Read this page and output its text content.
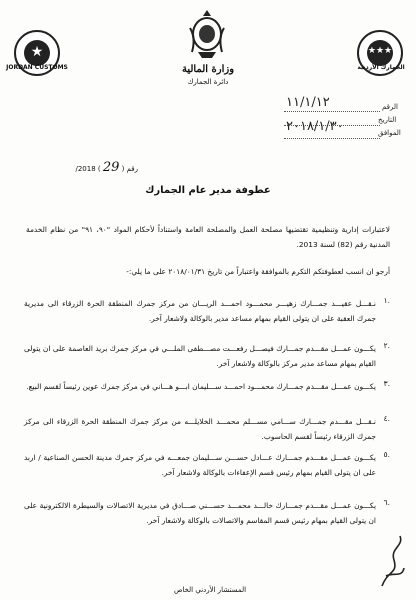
★
JORDAN CUSTOMS
★★★
الجمارك الأردنية
وزارة المالية
دائرة الجمارك
الرقم
١١/١/١٢
التاريخ
الموافق
٢٠١٨/١/٣٠
رقم ( 29 ) 2018/
عطوفة مدير عام الجمارك
لاعتبارات إدارية وتنظيمية تقتضيها مصلحة العمل والمصلحة العامة واستناداً لأحكام المواد "٩٠، ٩١" من نظام الخدمة المدنية رقم (82) لسنة 2013.
أرجو ان انسب لعطوفتكم التكرم بالموافقة واعتباراً من تاريخ ٢٠١٨/٠١/٣١ على ما يلي:-
١.
نـقـــل عقيـــد جمـــارك زهيـــر محمـــود احمـــد الريـــان من مركز جمرك المنطقة الحرة الزرقاء الى مديرية جمرك العقبة على ان يتولى القيام بمهام مساعد مدير بالوكالة ولاشعار آخر.
٢.
يكـــون عمـــل مقـــدم جمـــارك فيصـــل رفعـــت مصـــطفى الملـــي في مركز جمرك بريد العاصمة على ان يتولى القيام بمهام مساعد مدير مركز بالوكالة ولاشعار آخر.
٣.
يكـــون عمـــل مقـــدم جمـــارك محمـــود احمـــد ســـليمان ابـــو هـــاني في مركز جمرك عوين رئيساً لقسم البيع.
٤.
نـقـــل مقـــدم جمـــارك ســـامي مســـلم محمـــد الخلايلـــه من مركز جمرك المنطقة الحرة الزرقاء الى مركز جمرك الزرقاء رئيساً لقسم الحاسوب.
٥.
يكـــون عمـــل مقـــدم جمـــارك عـــادل حســـن ســـليمان جمعـــه في مركز جمرك مدينة الحسن الصناعية / اربد على ان يتولى القيام بمهام رئيس قسم الإعفاءات بالوكالة ولاشعار آخر.
٦.
يكـــون عمـــل مقـــدم جمـــارك خالـــد محمـــد حســـني صـــادق في مديرية الاتصالات والسيطرة الالكترونية على ان يتولى القيام بمهام رئيس قسم المقاسم والاتصالات بالوكالة ولاشعار آخر.
المستشار الأردني الخاص
